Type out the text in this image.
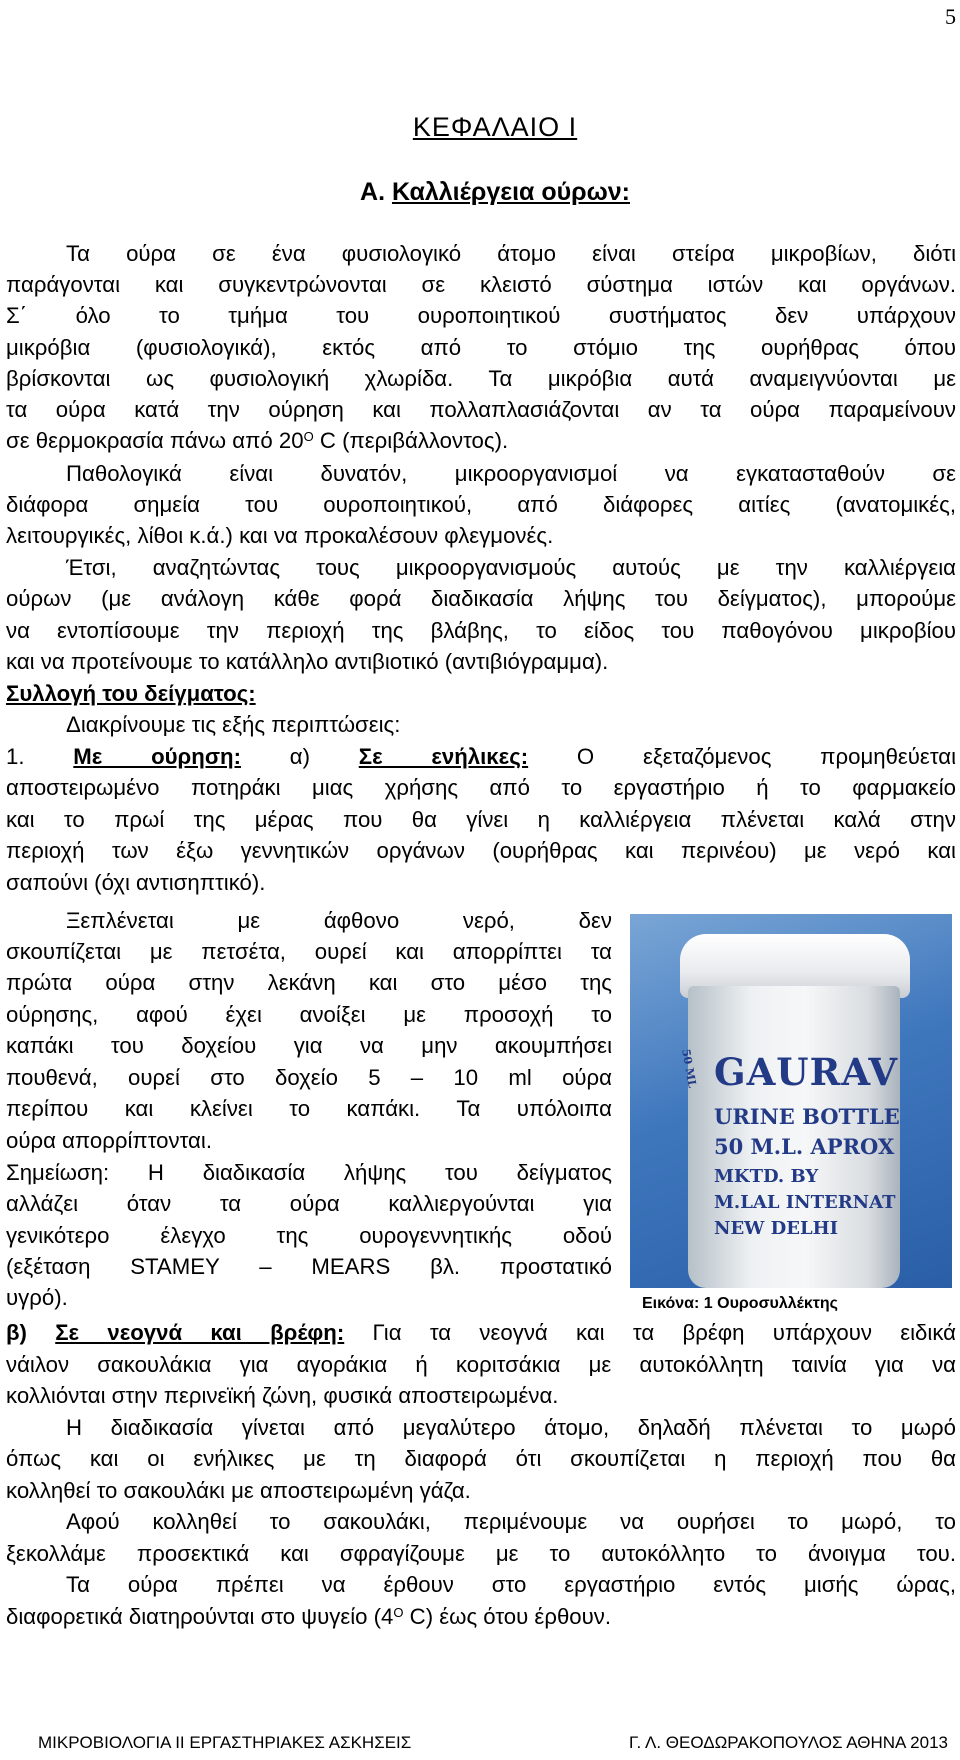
5
ΚΕΦΑΛΑΙΟ Ι
Α. Καλλιέργεια ούρων:
Τα ούρα σε ένα φυσιολογικό άτομο είναι στείρα μικροβίων, διότι
παράγονται και συγκεντρώνονται σε κλειστό σύστημα ιστών και οργάνων.
Σ΄ όλο το τμήμα του ουροποιητικού συστήματος δεν υπάρχουν
μικρόβια (φυσιολογικά), εκτός από το στόμιο της ουρήθρας όπου
βρίσκονται ως φυσιολογική χλωρίδα. Τα μικρόβια αυτά αναμειγνύονται με
τα ούρα κατά την ούρηση και πολλαπλασιάζονται αν τα ούρα παραμείνουν
σε θερμοκρασία πάνω από $20^O$ C (περιβάλλοντος).
Παθολογικά είναι δυνατόν, μικροοργανισμοί να εγκατασταθούν σε
διάφορα σημεία του ουροποιητικού, από διάφορες αιτίες (ανατομικές,
λειτουργικές, λίθοι κ.ά.) και να προκαλέσουν φλεγμονές.
Έτσι, αναζητώντας τους μικροοργανισμούς αυτούς με την καλλιέργεια
ούρων (με ανάλογη κάθε φορά διαδικασία λήψης του δείγματος), μπορούμε
να εντοπίσουμε την περιοχή της βλάβης, το είδος του παθογόνου μικροβίου
και να προτείνουμε το κατάλληλο αντιβιοτικό (αντιβιόγραμμα).
Συλλογή του δείγματος:
Διακρίνουμε τις εξής περιπτώσεις:
1. Με ούρηση: α) Σε ενήλικες: Ο εξεταζόμενος προμηθεύεται
αποστειρωμένο ποτηράκι μιας χρήσης από το εργαστήριο ή το φαρμακείο
και το πρωί της μέρας που θα γίνει η καλλιέργεια πλένεται καλά στην
περιοχή των έξω γεννητικών οργάνων (ουρήθρας και περινέου) με νερό και
σαπούνι (όχι αντισηπτικό).
Ξεπλένεται με άφθονο νερό, δεν
σκουπίζεται με πετσέτα, ουρεί και απορρίπτει τα
πρώτα ούρα στην λεκάνη και στο μέσο της
ούρησης, αφού έχει ανοίξει με προσοχή το
καπάκι του δοχείου για να μην ακουμπήσει
πουθενά, ουρεί στο δοχείο 5 – 10 ml ούρα
περίπου και κλείνει το καπάκι. Τα υπόλοιπα
ούρα απορρίπτονται.
Σημείωση: Η διαδικασία λήψης του δείγματος
αλλάζει όταν τα ούρα καλλιεργούνται για
γενικότερο έλεγχο της ουρογεννητικής οδού
(εξέταση STAMEY – MEARS βλ. προστατικό
υγρό).
50 ML GAURAV
URINE BOTTLE
50 M.L. APROX
MKTD. BY
M.LAL INTERNAT
NEW DELHI
Εικόνα: 1 Ουροσυλλέκτης
β) Σε νεογνά και βρέφη: Για τα νεογνά και τα βρέφη υπάρχουν ειδικά
νάιλον σακουλάκια για αγοράκια ή κοριτσάκια με αυτοκόλλητη ταινία για να
κολλιόνται στην περινεϊκή ζώνη, φυσικά αποστειρωμένα.
Η διαδικασία γίνεται από μεγαλύτερο άτομο, δηλαδή πλένεται το μωρό
όπως και οι ενήλικες με τη διαφορά ότι σκουπίζεται η περιοχή που θα
κολληθεί το σακουλάκι με αποστειρωμένη γάζα.
Αφού κολληθεί το σακουλάκι, περιμένουμε να ουρήσει το μωρό, το
ξεκολλάμε προσεκτικά και σφραγίζουμε με το αυτοκόλλητο το άνοιγμα του.
Τα ούρα πρέπει να έρθουν στο εργαστήριο εντός μισής ώρας,
διαφορετικά διατηρούνται στο ψυγείο ($4^O$ C) έως ότου έρθουν.
ΜΙΚΡΟΒΙΟΛΟΓΙΑ ΙΙ ΕΡΓΑΣΤΗΡΙΑΚΕΣ ΑΣΚΗΣΕΙΣ	Γ. Λ. ΘΕΟΔΩΡΑΚΟΠΟΥΛΟΣ ΑΘΗΝΑ 2013
